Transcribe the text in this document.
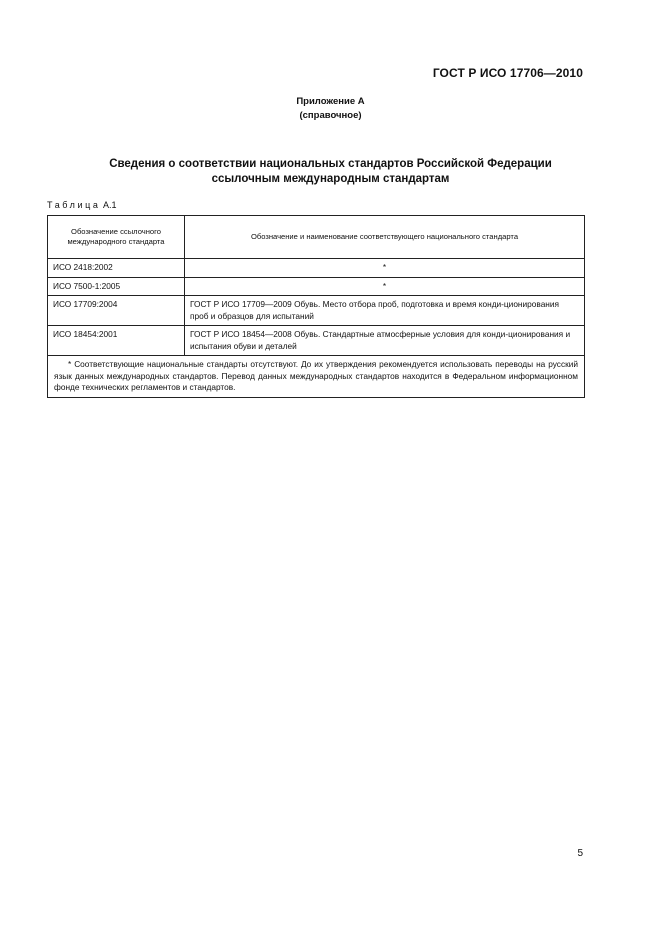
ГОСТ Р ИСО 17706—2010
Приложение А
(справочное)
Сведения о соответствии национальных стандартов Российской Федерации
ссылочным международным стандартам
Таблица А.1
Обозначение ссылочного международного стандарта	Обозначение и наименование соответствующего национального стандарта
ИСО 2418:2002	*
ИСО 7500-1:2005	*
ИСО 17709:2004	ГОСТ Р ИСО 17709—2009 Обувь. Место отбора проб, подготовка и время конди-ционирования проб и образцов для испытаний
ИСО 18454:2001	ГОСТ Р ИСО 18454—2008 Обувь. Стандартные атмосферные условия для конди-ционирования и испытания обуви и деталей
* Соответствующие национальные стандарты отсутствуют. До их утверждения рекомендуется использовать переводы на русский язык данных международных стандартов. Перевод данных международных стандартов находится в Федеральном информационном фонде технических регламентов и стандартов.	
5
